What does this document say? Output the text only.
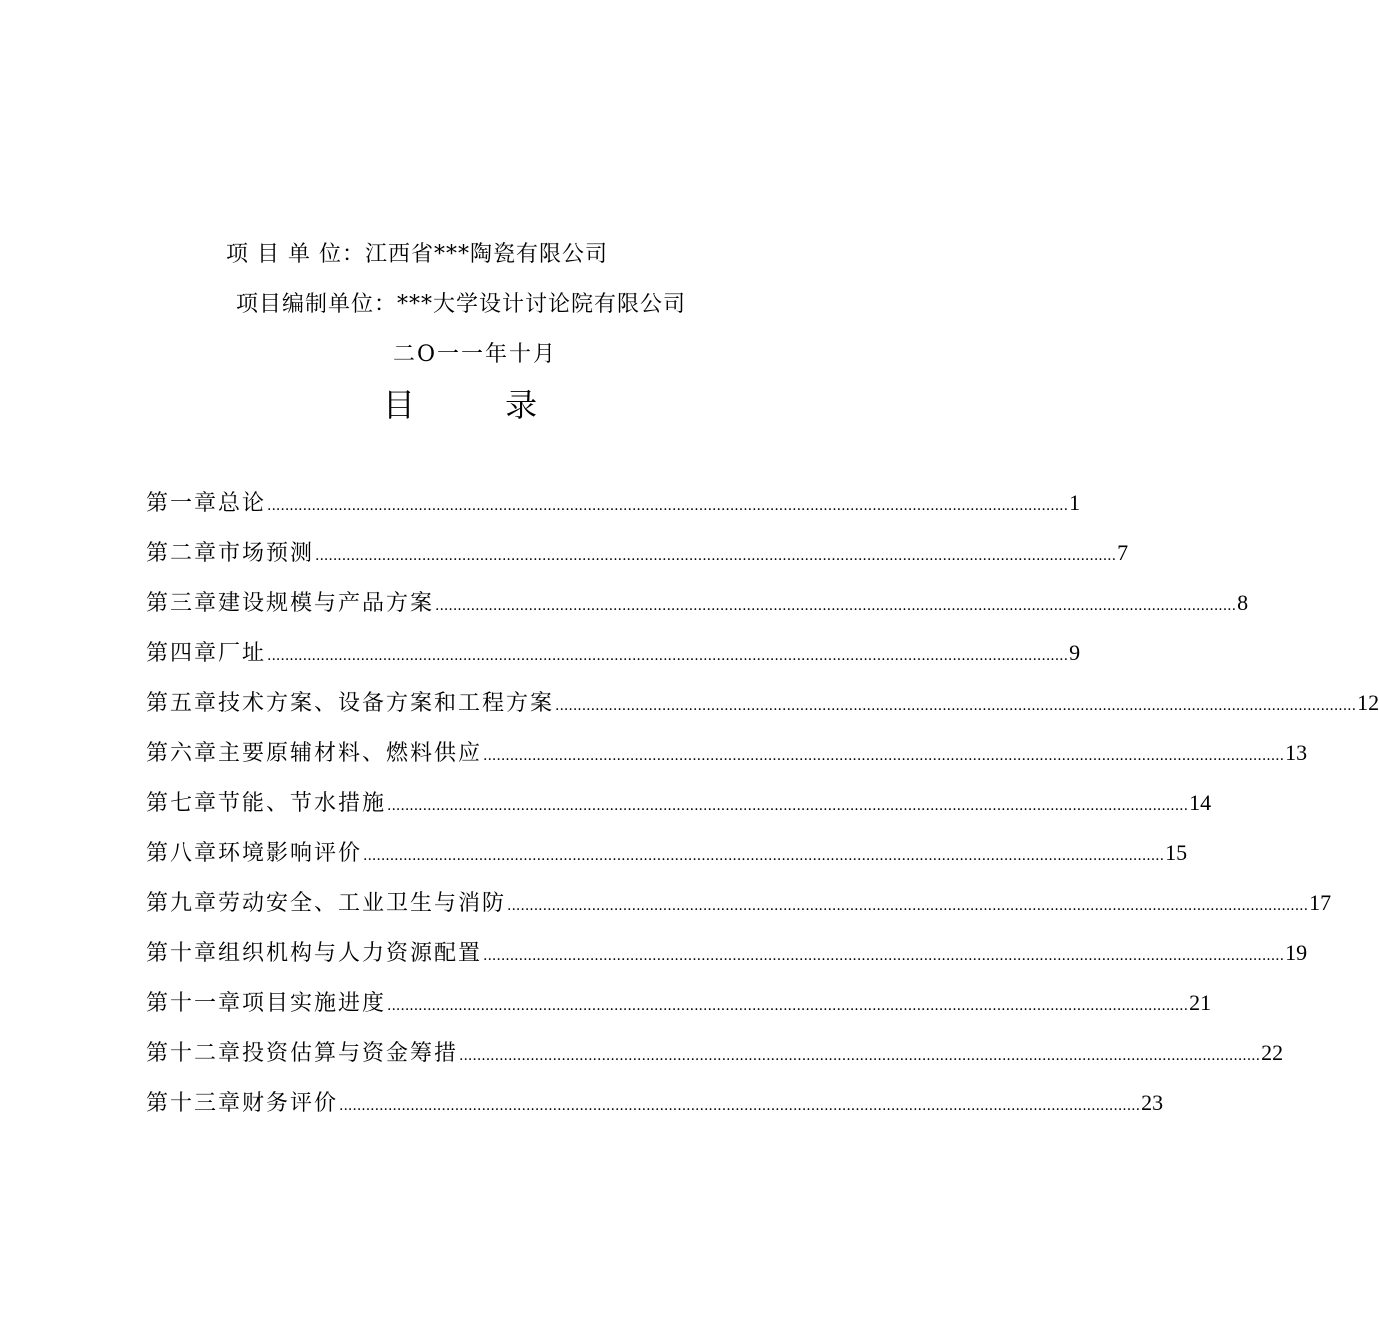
项 目 单 位：江西省***陶瓷有限公司
项目编制单位：***大学设计讨论院有限公司
二O一一年十月
目 录
第一章 总论 .................................................................................................................................................................................... 1
第二章 市场预测 .................................................................................................................................................................................... 7
第三章 建设规模与产品方案 .................................................................................................................................................................................... 8
第四章 厂址 .................................................................................................................................................................................... 9
第五章 技术方案、设备方案和工程方案 .................................................................................................................................................................................... 12
第六章 主要原辅材料、燃料供应 .................................................................................................................................................................................... 13
第七章 节能、节水措施 .................................................................................................................................................................................... 14
第八章 环境影响评价 .................................................................................................................................................................................... 15
第九章 劳动安全、工业卫生与消防 .................................................................................................................................................................................... 17
第十章 组织机构与人力资源配置 .................................................................................................................................................................................... 19
第十一章 项目实施进度 .................................................................................................................................................................................... 21
第十二章 投资估算与资金筹措 .................................................................................................................................................................................... 22
第十三章 财务评价 .................................................................................................................................................................................... 23
